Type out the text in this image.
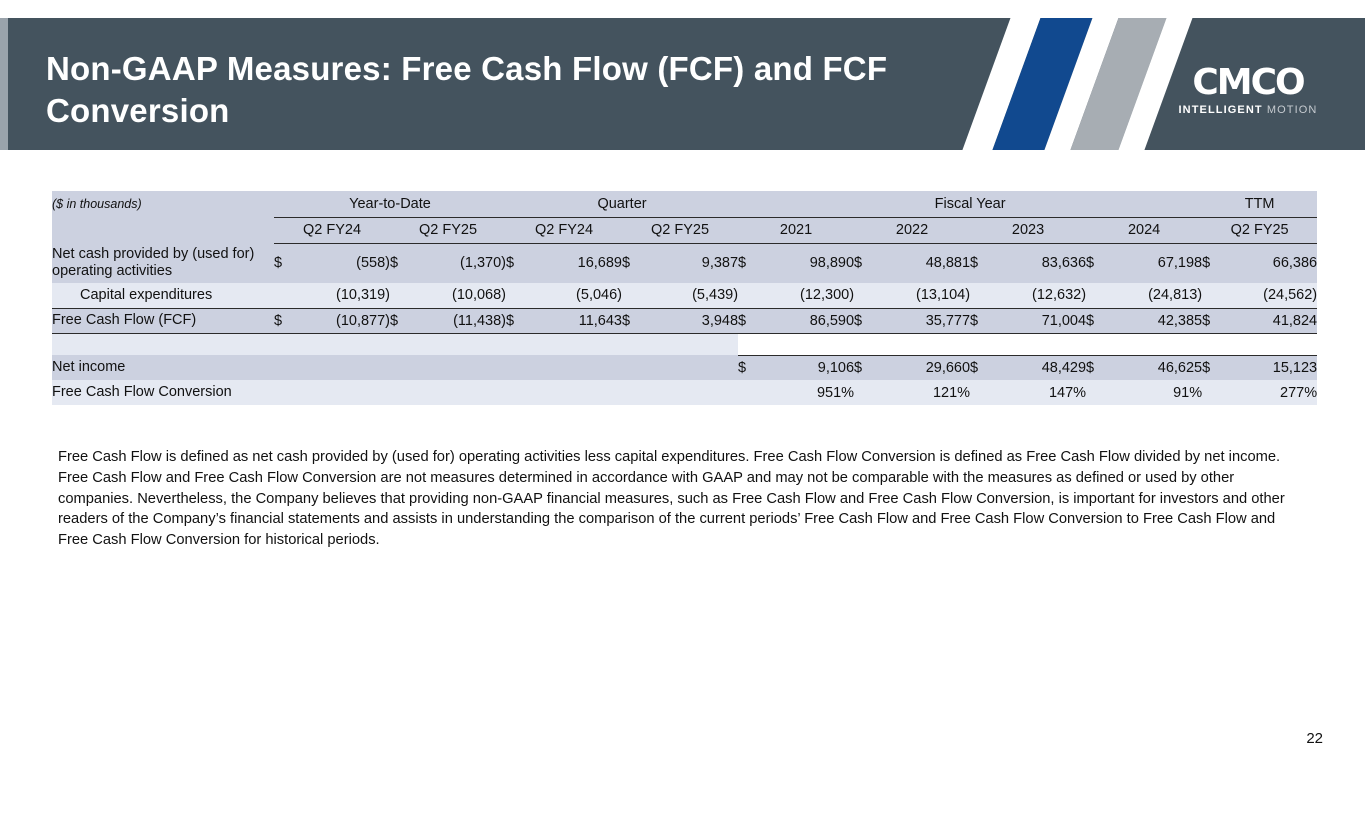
Non-GAAP Measures: Free Cash Flow (FCF) and FCF Conversion
CMCO
INTELLIGENT MOTION
($ in thousands)	Year-to-Date				Quarter				Fiscal Year								TTM	
	Q2 FY24		Q2 FY25		Q2 FY24		Q2 FY25		2021		2022		2023		2024		Q2 FY25	
Net cash provided by (used for) operating activities	$	(558)	$	(1,370)	$	16,689	$	9,387	$	98,890	$	48,881	$	83,636	$	67,198	$	66,386
Capital expenditures		(10,319)		(10,068)		(5,046)		(5,439)		(12,300)		(13,104)		(12,632)		(24,813)		(24,562)
Free Cash Flow (FCF)	$	(10,877)	$	(11,438)	$	11,643	$	3,948	$	86,590	$	35,777	$	71,004	$	42,385	$	41,824

Net income									$	9,106	$	29,660	$	48,429	$	46,625	$	15,123
Free Cash Flow Conversion										951%		121%		147%		91%		277%
Free Cash Flow is defined as net cash provided by (used for) operating activities less capital expenditures. Free Cash Flow Conversion is defined as Free Cash Flow divided by net income. Free Cash Flow and Free Cash Flow Conversion are not measures determined in accordance with GAAP and may not be comparable with the measures as defined or used by other companies. Nevertheless, the Company believes that providing non-GAAP financial measures, such as Free Cash Flow and Free Cash Flow Conversion, is important for investors and other readers of the Company’s financial statements and assists in understanding the comparison of the current periods’ Free Cash Flow and Free Cash Flow Conversion to Free Cash Flow and Free Cash Flow Conversion for historical periods.
22
